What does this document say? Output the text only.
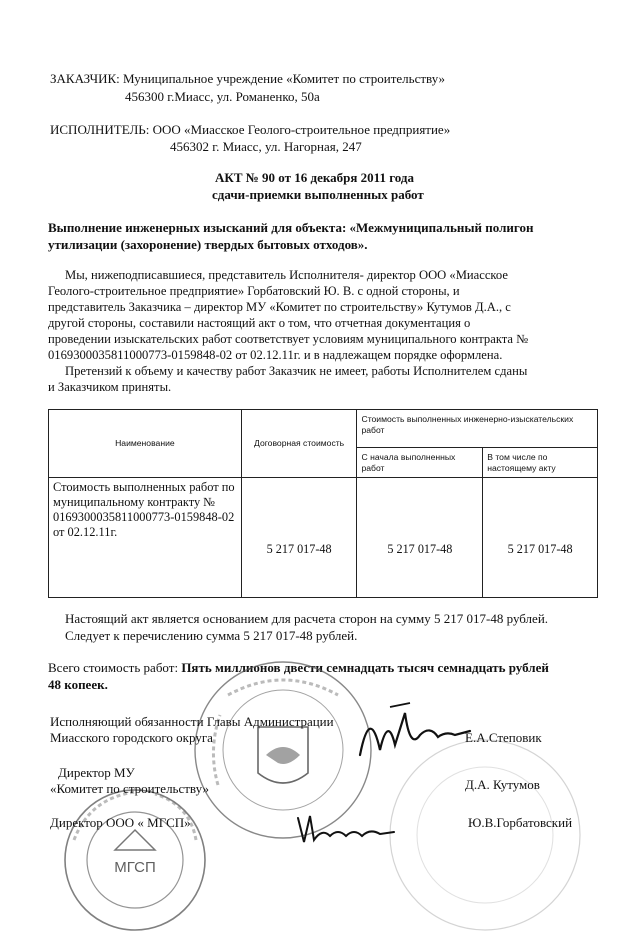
ЗАКАЗЧИК: Муниципальное учреждение «Комитет по строительству»
456300 г.Миасс, ул. Романенко, 50а
ИСПОЛНИТЕЛЬ: ООО «Миасское Геолого-строительное предприятие»
456302 г. Миасс, ул. Нагорная, 247
АКТ № 90 от 16 декабря 2011 года
сдачи-приемки выполненных работ
Выполнение инженерных изысканий для объекта: «Межмуниципальный полигон
утилизации (захоронение) твердых бытовых отходов».
Мы, нижеподписавшиеся, представитель Исполнителя- директор ООО «Миасское
Геолого-строительное предприятие» Горбатовский Ю. В. с одной стороны, и
представитель Заказчика – директор МУ «Комитет по строительству» Кутумов Д.А., с
другой стороны, составили настоящий акт о том, что отчетная документация о
проведении изыскательских работ соответствует условиям муниципального контракта №
0169300035811000773-0159848-02 от 02.12.11г. и в надлежащем порядке оформлена.
Претензий к объему и качеству работ Заказчик не имеет, работы Исполнителем сданы
и Заказчиком приняты.
Наименование	Договорная стоимость	Стоимость выполненных инженерно-изыскательских работ	
		С начала выполненных работ	В том числе по настоящему акту
Стоимость выполненных работ по муниципальному контракту № 0169300035811000773-0159848-02 от 02.12.11г.	5 217 017-48	5 217 017-48	5 217 017-48
Настоящий акт является основанием для расчета сторон на сумму 5 217 017-48 рублей.
Следует к перечислению сумма 5 217 017-48 рублей.
Всего стоимость работ: Пять миллионов двести семнадцать тысяч семнадцать рублей
48 копеек.
МГСП
Исполняющий обязанности Главы Администрации
Миасского городского округа	Е.А.Степовик
Директор МУ
«Комитет по строительству»	Д.А. Кутумов
Директор ООО « МГСП»	Ю.В.Горбатовский
